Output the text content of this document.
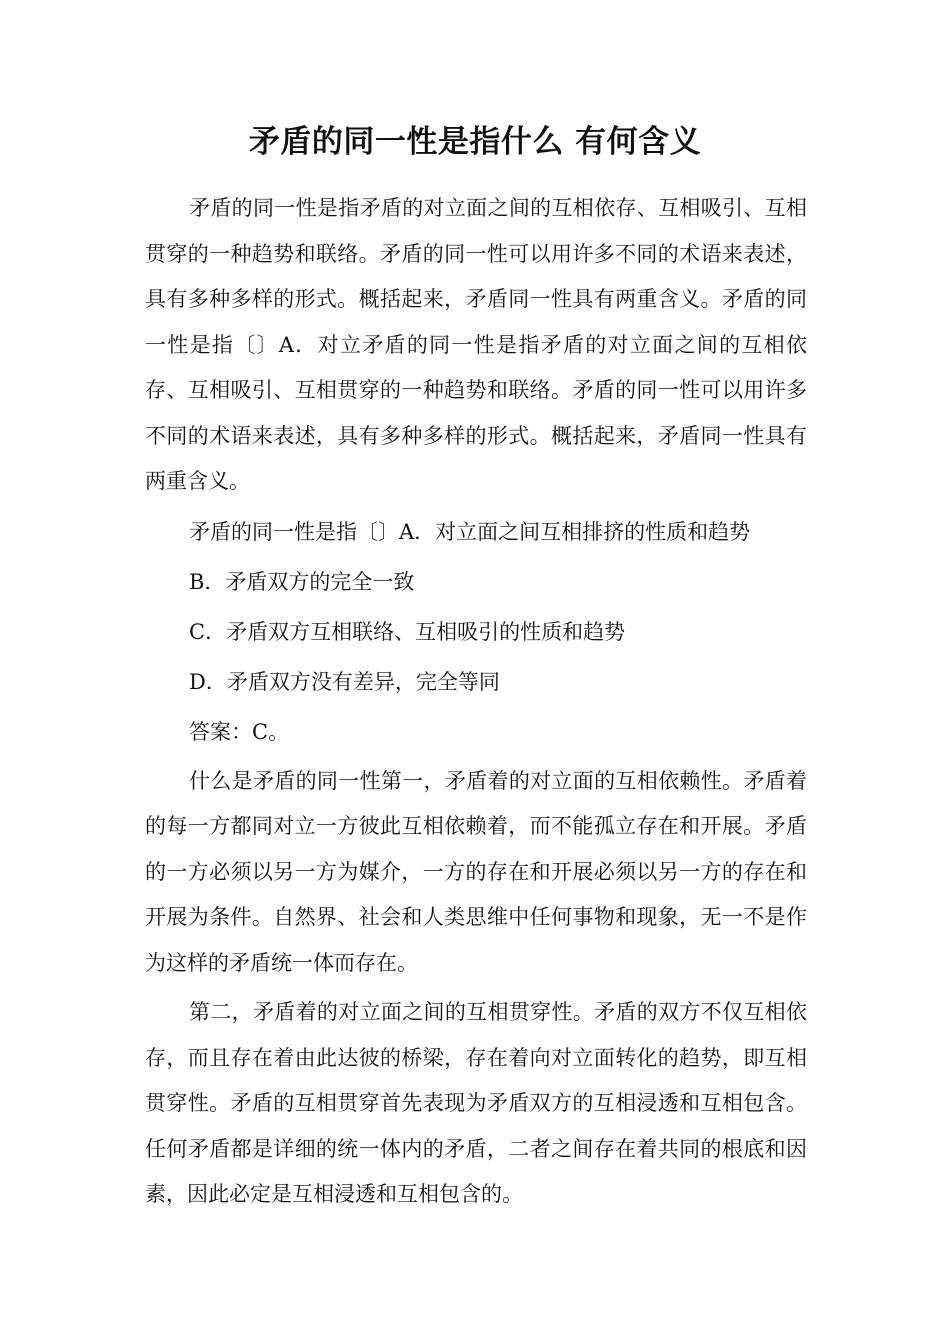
矛盾的同一性是指什么 有何含义

矛盾的同一性是指矛盾的对立面之间的互相依存、互相吸引、互相贯穿的一种趋势和联络。矛盾的同一性可以用许多不同的术语来表述，具有多种多样的形式。概括起来，矛盾同一性具有两重含义。矛盾的同一性是指〔〕A．对立矛盾的同一性是指矛盾的对立面之间的互相依存、互相吸引、互相贯穿的一种趋势和联络。矛盾的同一性可以用许多不同的术语来表述，具有多种多样的形式。概括起来，矛盾同一性具有两重含义。

矛盾的同一性是指〔〕A．对立面之间互相排挤的性质和趋势

B．矛盾双方的完全一致

C．矛盾双方互相联络、互相吸引的性质和趋势

D．矛盾双方没有差异，完全等同

答案：C。

什么是矛盾的同一性第一，矛盾着的对立面的互相依赖性。矛盾着的每一方都同对立一方彼此互相依赖着，而不能孤立存在和开展。矛盾的一方必须以另一方为媒介，一方的存在和开展必须以另一方的存在和开展为条件。自然界、社会和人类思维中任何事物和现象，无一不是作为这样的矛盾统一体而存在。

第二，矛盾着的对立面之间的互相贯穿性。矛盾的双方不仅互相依存，而且存在着由此达彼的桥梁，存在着向对立面转化的趋势，即互相贯穿性。矛盾的互相贯穿首先表现为矛盾双方的互相浸透和互相包含。任何矛盾都是详细的统一体内的矛盾，二者之间存在着共同的根底和因素，因此必定是互相浸透和互相包含的。
